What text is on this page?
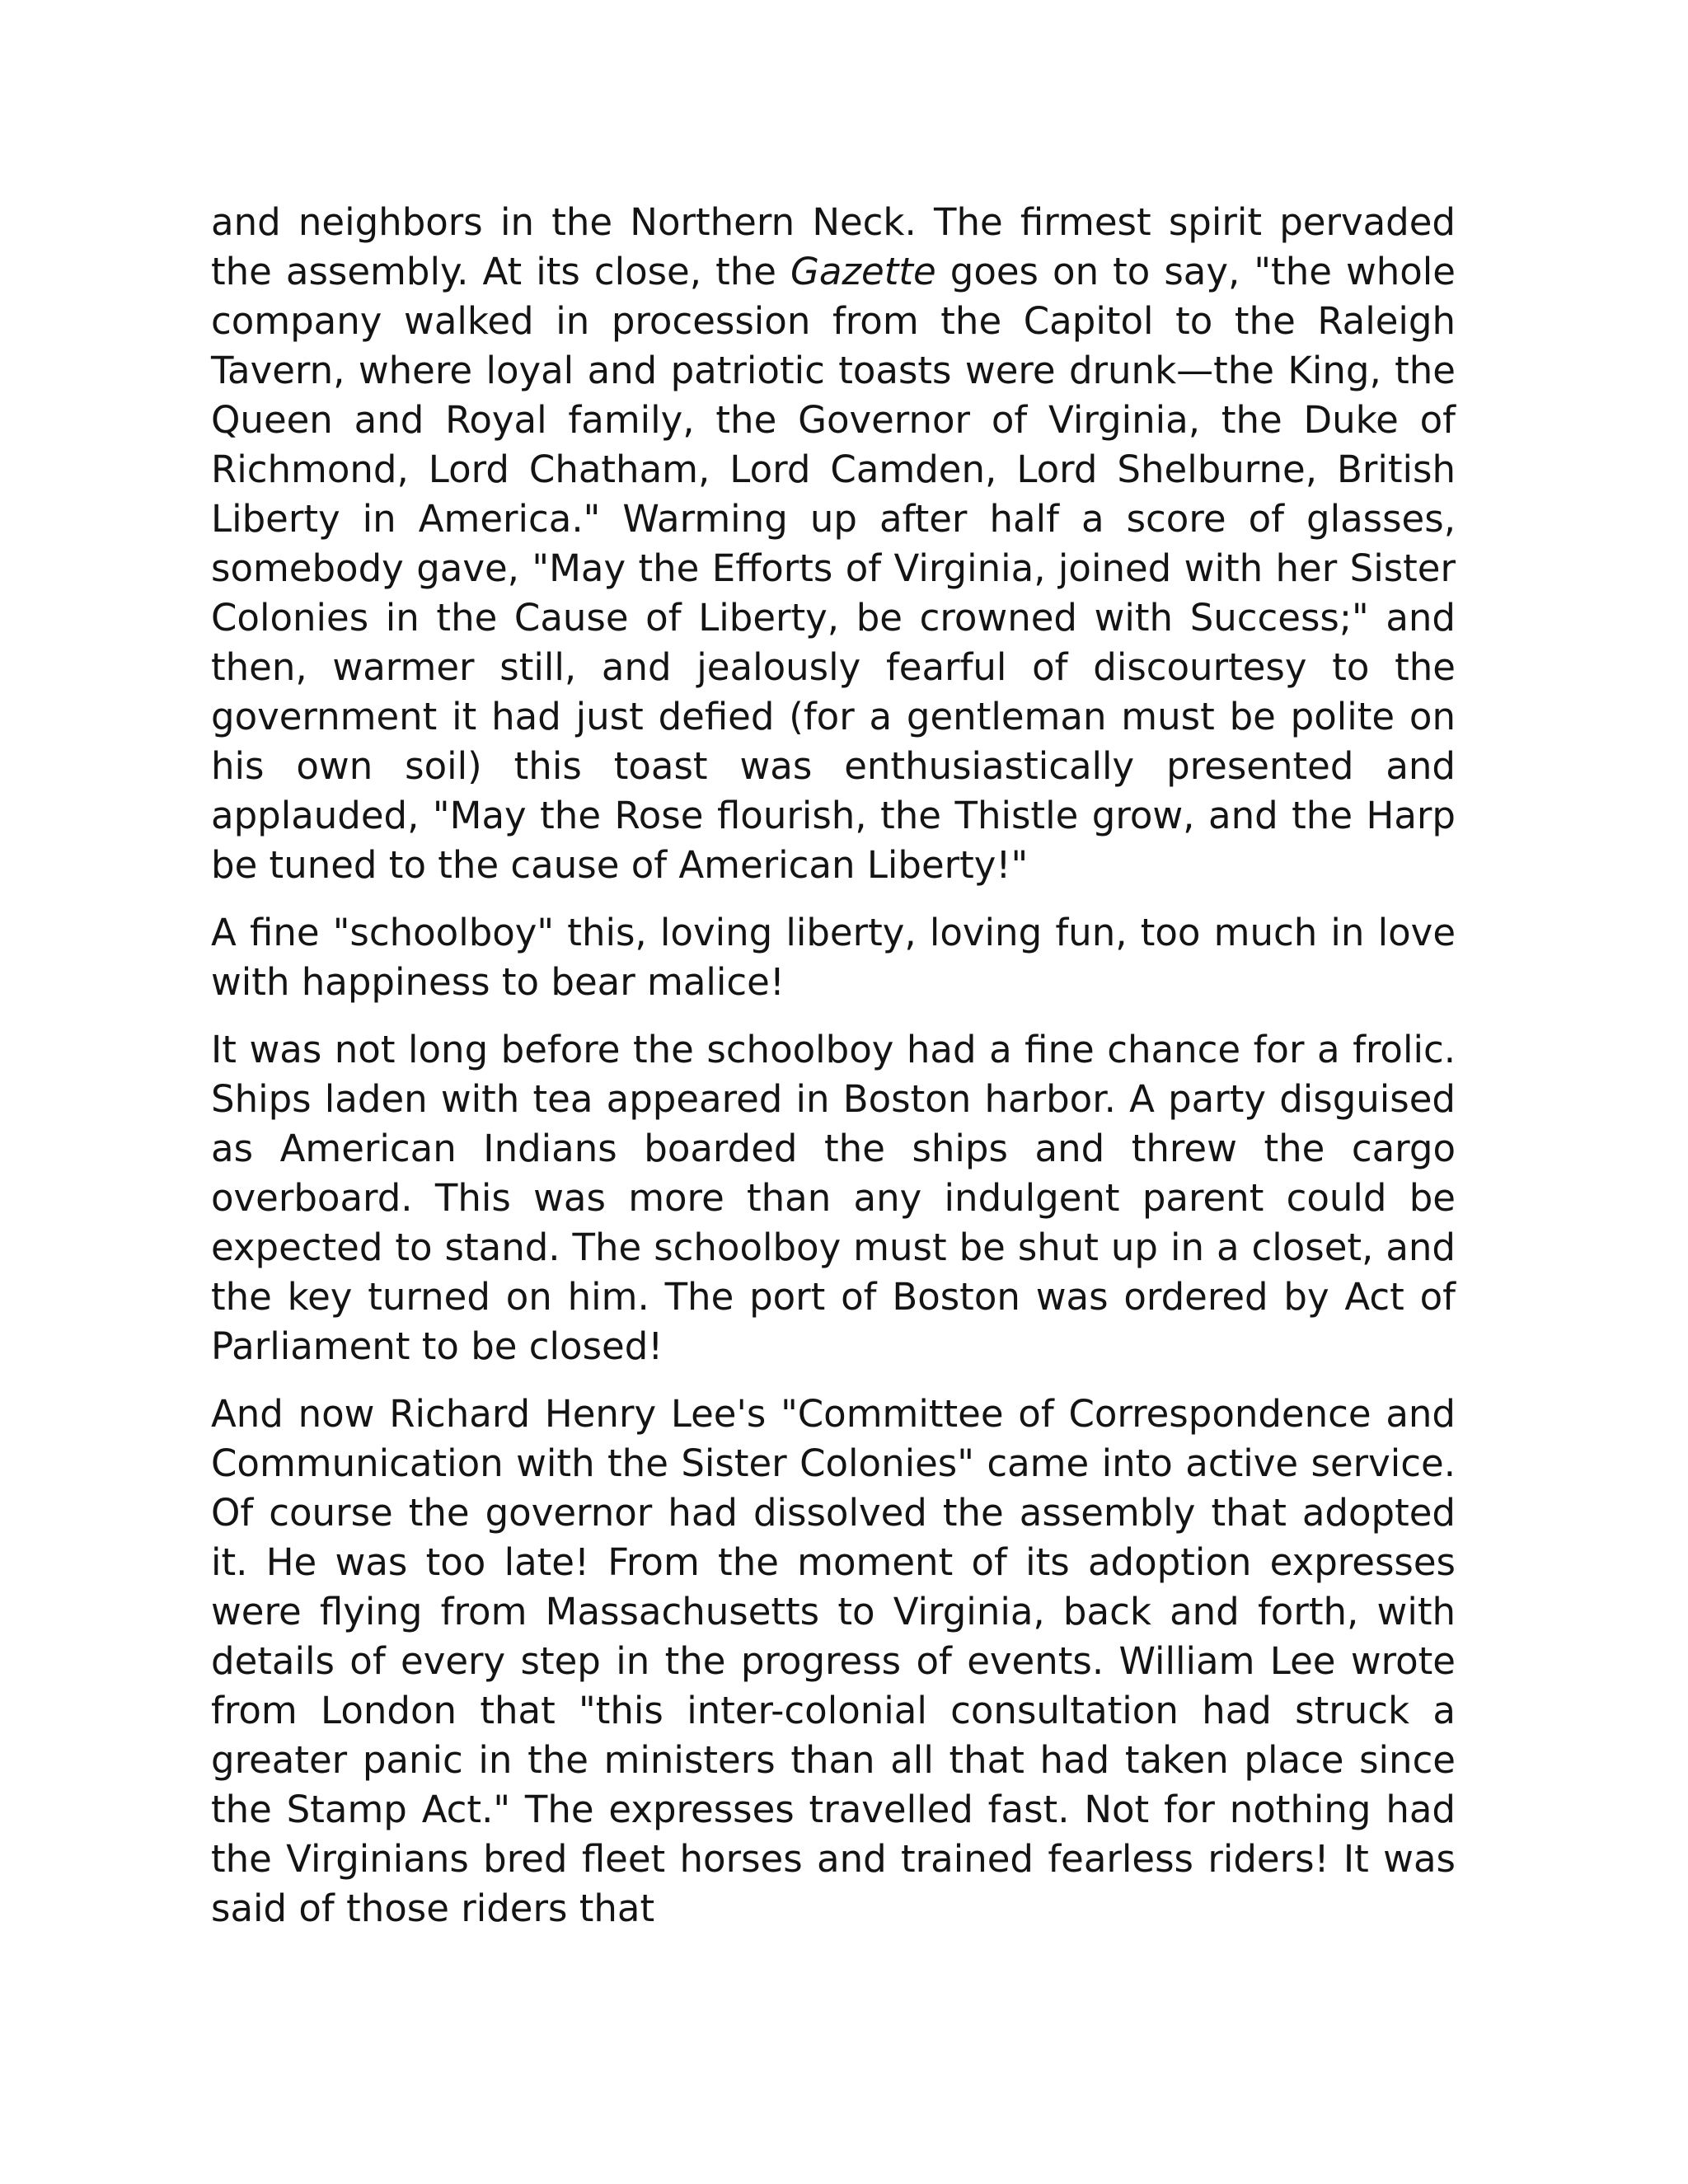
and neighbors in the Northern Neck. The firmest spirit pervaded the assembly. At its close, the Gazette goes on to say, "the whole company walked in procession from the Capitol to the Raleigh Tavern, where loyal and patriotic toasts were drunk—the King, the Queen and Royal family, the Governor of Virginia, the Duke of Richmond, Lord Chatham, Lord Camden, Lord Shelburne, British Liberty in America." Warming up after half a score of glasses, somebody gave, "May the Efforts of Virginia, joined with her Sister Colonies in the Cause of Liberty, be crowned with Success;" and then, warmer still, and jealously fearful of discourtesy to the government it had just defied (for a gentleman must be polite on his own soil) this toast was enthusiastically presented and applauded, "May the Rose flourish, the Thistle grow, and the Harp be tuned to the cause of American Liberty!"

A fine "schoolboy" this, loving liberty, loving fun, too much in love with happiness to bear malice!

It was not long before the schoolboy had a fine chance for a frolic. Ships laden with tea appeared in Boston harbor. A party disguised as American Indians boarded the ships and threw the cargo overboard. This was more than any indulgent parent could be expected to stand. The schoolboy must be shut up in a closet, and the key turned on him. The port of Boston was ordered by Act of Parliament to be closed!

And now Richard Henry Lee's "Committee of Correspondence and Communication with the Sister Colonies" came into active service. Of course the governor had dissolved the assembly that adopted it. He was too late! From the moment of its adoption expresses were flying from Massachusetts to Virginia, back and forth, with details of every step in the progress of events. William Lee wrote from London that "this inter-colonial consultation had struck a greater panic in the ministers than all that had taken place since the Stamp Act." The expresses travelled fast. Not for nothing had the Virginians bred fleet horses and trained fearless riders! It was said of those riders that
